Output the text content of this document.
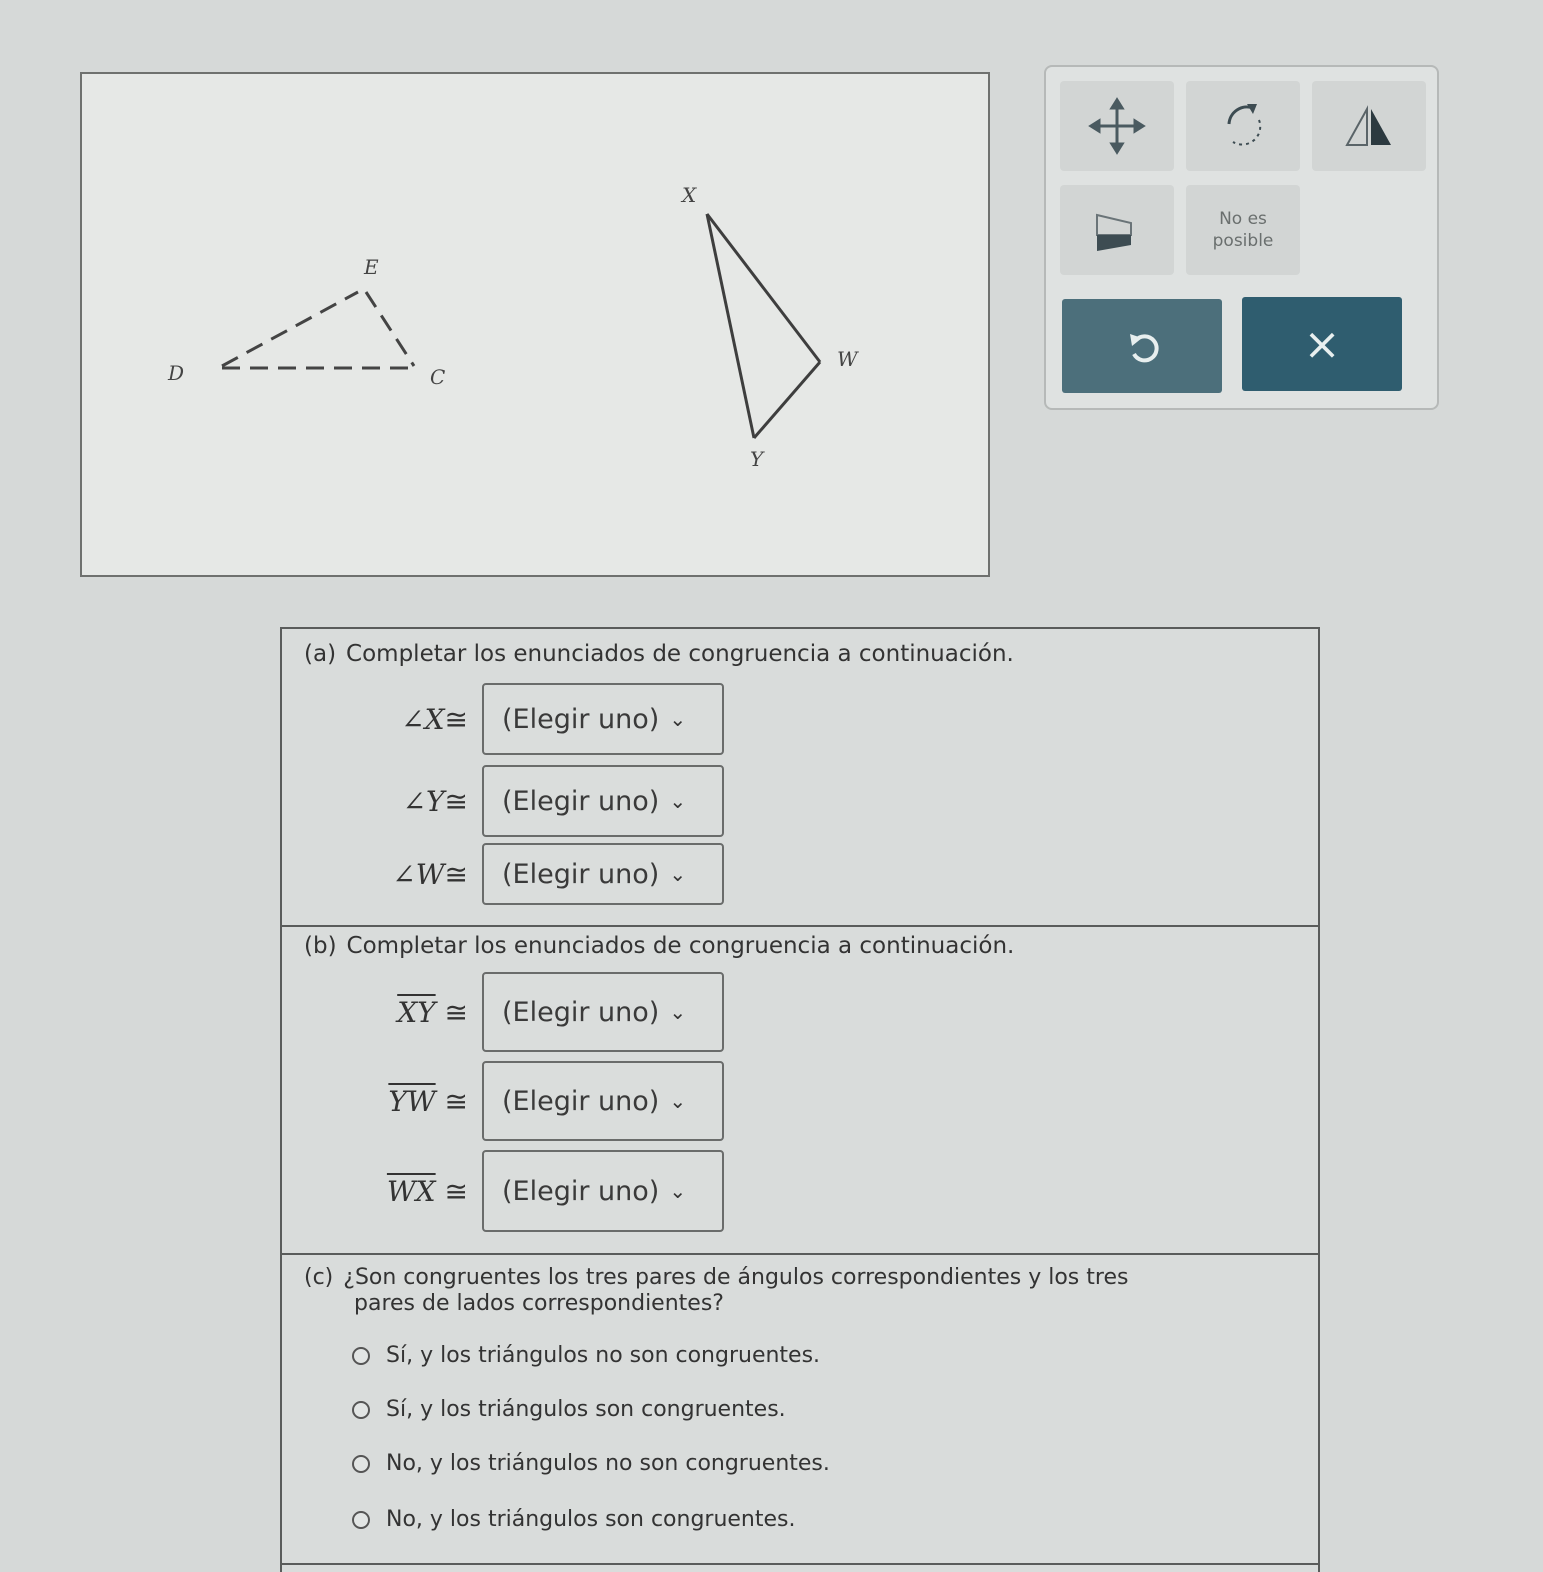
E
D	C
X
W
Y
No es
posible
×
(a) Completar los enunciados de congruencia a continuación.
∠X≅	(Elegir uno) ⌄
∠Y≅	(Elegir uno) ⌄
∠W≅	(Elegir uno) ⌄
(b) Completar los enunciados de congruencia a continuación.
$\overline{XY}$ ≅	(Elegir uno) ⌄
$\overline{YW}$ ≅	(Elegir uno) ⌄
$\overline{WX}$ ≅	(Elegir uno) ⌄
(c) ¿Son congruentes los tres pares de ángulos correspondientes y los tres
pares de lados correspondientes?
Sí, y los triángulos no son congruentes.
Sí, y los triángulos son congruentes.
No, y los triángulos no son congruentes.
No, y los triángulos son congruentes.
